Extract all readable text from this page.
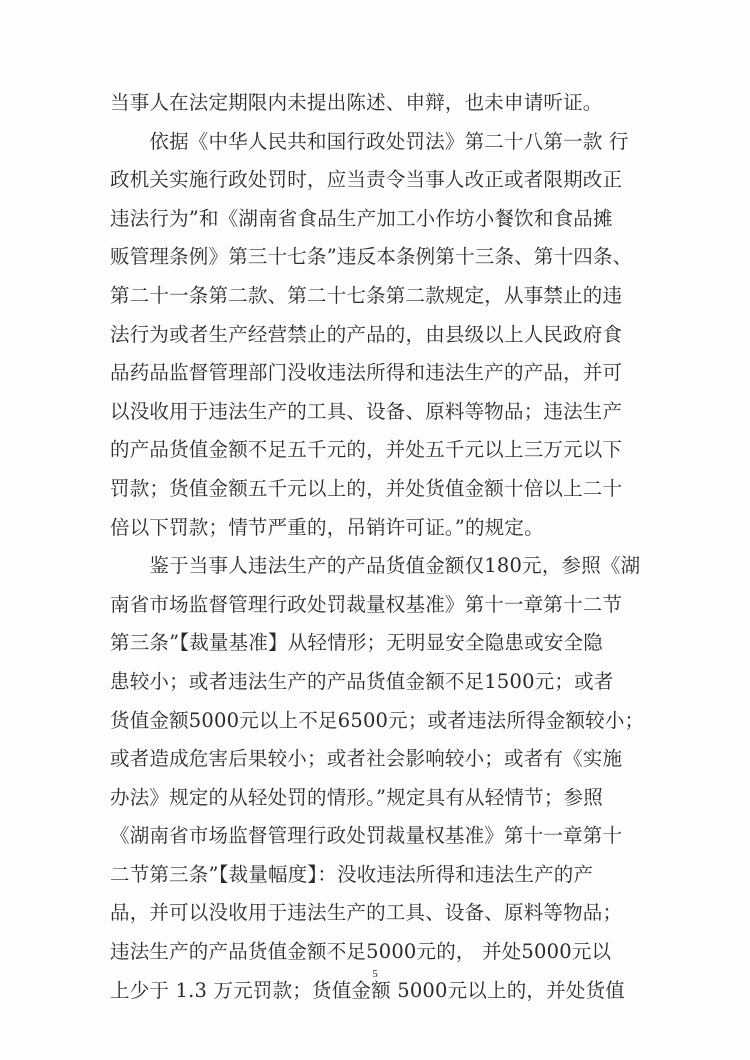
当事人在法定期限内未提出陈述、申辩，也未申请听证。
　　依据《中华人民共和国行政处罚法》第二十八第一款 行
政机关实施行政处罚时，应当责令当事人改正或者限期改正
违法行为”和《湖南省食品生产加工小作坊小餐饮和食品摊
贩管理条例》第三十七条”违反本条例第十三条、第十四条、
第二十一条第二款、第二十七条第二款规定，从事禁止的违
法行为或者生产经营禁止的产品的，由县级以上人民政府食
品药品监督管理部门没收违法所得和违法生产的产品，并可
以没收用于违法生产的工具、设备、原料等物品；违法生产
的产品货值金额不足五千元的，并处五千元以上三万元以下
罚款；货值金额五千元以上的，并处货值金额十倍以上二十
倍以下罚款；情节严重的，吊销许可证。”的规定。
　　鉴于当事人违法生产的产品货值金额仅180元，参照《湖
南省市场监督管理行政处罚裁量权基准》第十一章第十二节
第三条”【裁量基准】从轻情形；无明显安全隐患或安全隐
患较小；或者违法生产的产品货值金额不足1500元；或者
货值金额5000元以上不足6500元；或者违法所得金额较小；
或者造成危害后果较小；或者社会影响较小；或者有《实施
办法》规定的从轻处罚的情形。”规定具有从轻情节；参照
《湖南省市场监督管理行政处罚裁量权基准》第十一章第十
二节第三条”【裁量幅度】：没收违法所得和违法生产的产
品，并可以没收用于违法生产的工具、设备、原料等物品；
违法生产的产品货值金额不足5000元的， 并处5000元以
上少于 1.3 万元罚款；货值金额 5000元以上的，并处货值
5
